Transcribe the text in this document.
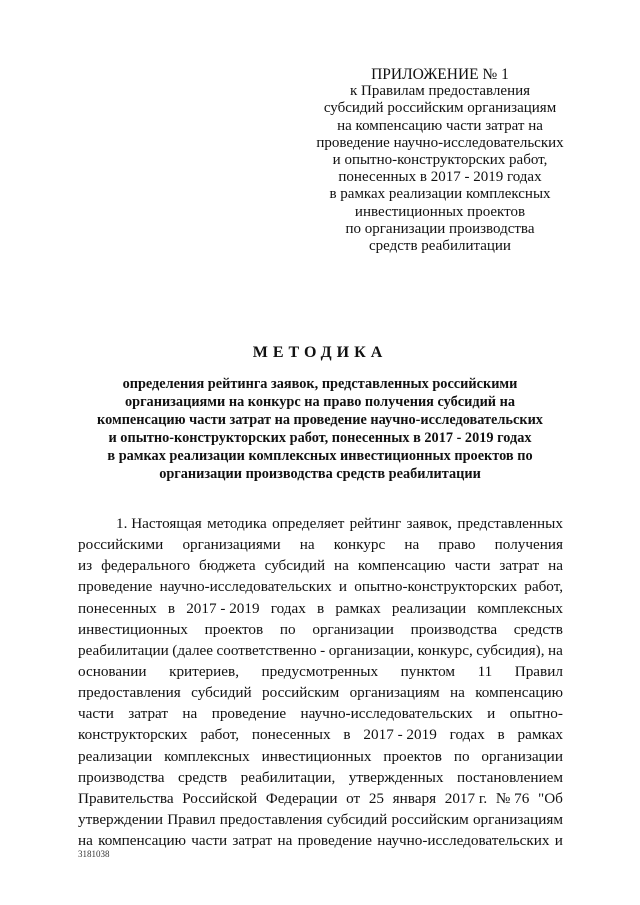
ПРИЛОЖЕНИЕ № 1
к Правилам предоставления
субсидий российским организациям
на компенсацию части затрат на
проведение научно-исследовательских
и опытно-конструкторских работ,
понесенных в 2017 - 2019 годах
в рамках реализации комплексных
инвестиционных проектов
по организации производства
средств реабилитации
МЕТОДИКА
определения рейтинга заявок, представленных российскими
организациями на конкурс на право получения субсидий на
компенсацию части затрат на проведение научно-исследовательских
и опытно-конструкторских работ, понесенных в 2017 - 2019 годах
в рамках реализации комплексных инвестиционных проектов по
организации производства средств реабилитации
1. Настоящая методика определяет рейтинг заявок, представленных
российскими организациями на конкурс на право получения
из федерального бюджета субсидий на компенсацию части затрат на
проведение научно-исследовательских и опытно-конструкторских работ,
понесенных в 2017 - 2019 годах в рамках реализации комплексных
инвестиционных проектов по организации производства средств
реабилитации (далее соответственно - организации, конкурс, субсидия), на
основании критериев, предусмотренных пунктом 11 Правил
предоставления субсидий российским организациям на компенсацию
части затрат на проведение научно-исследовательских и опытно-
конструкторских работ, понесенных в 2017 - 2019 годах в рамках
реализации комплексных инвестиционных проектов по организации
производства средств реабилитации, утвержденных постановлением
Правительства Российской Федерации от 25 января 2017 г. № 76 "Об
утверждении Правил предоставления субсидий российским организациям
на компенсацию части затрат на проведение научно-исследовательских и
3181038
